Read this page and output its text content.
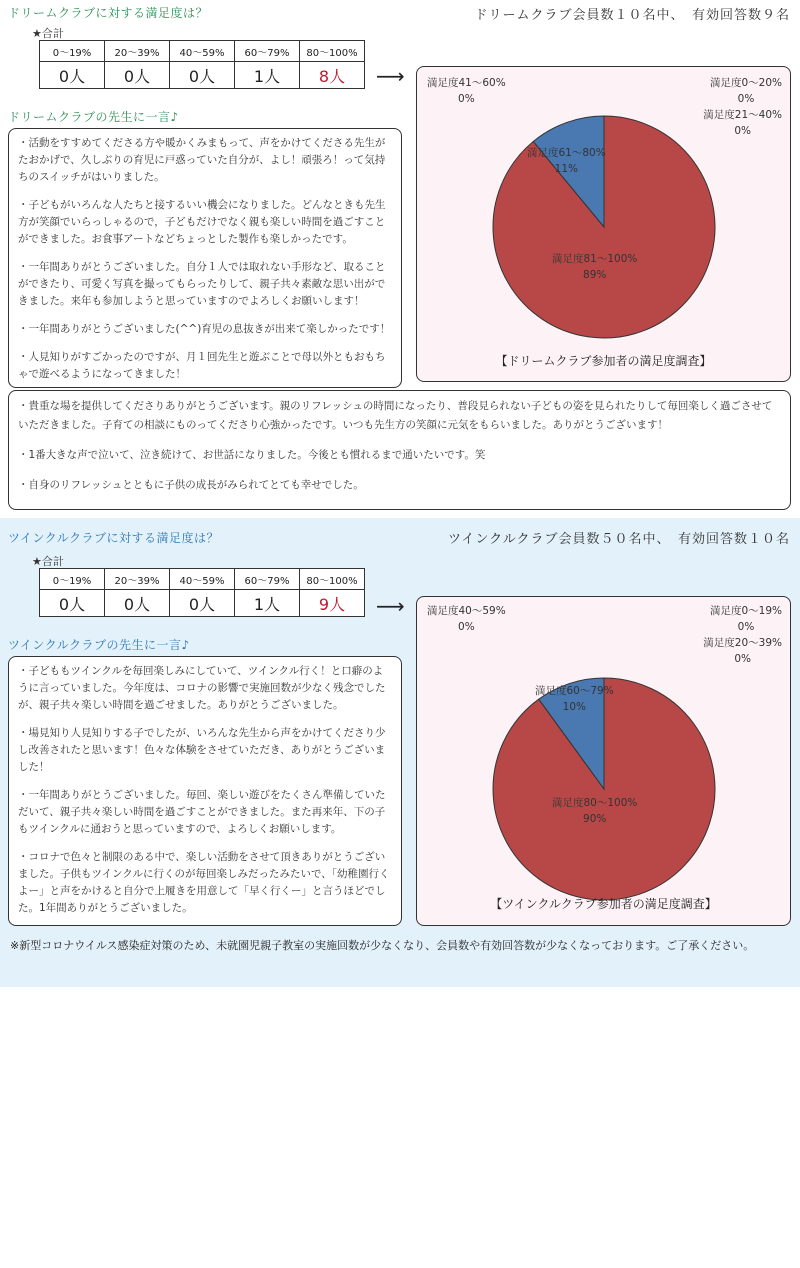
ドリームクラブに対する満足度は？	ドリームクラブ会員数１０名中、　有効回答数９名
★合計
0～19%	20～39%	40～59%	60～79%	80～100%
0人	0人	0人	1人	8人 ⟶
ドリームクラブの先生に一言♪

・活動をすすめてくださる方や暖かくみまもって、声をかけてくださる先生がたおかげで、久しぶりの育児に戸惑っていた自分が、よし！頑張ろ！って気持ちのスイッチがはいりました。

・子どもがいろんな人たちと接するいい機会になりました。どんなときも先生方が笑顔でいらっしゃるので，子どもだけでなく親も楽しい時間を過ごすことができました。お食事アートなどちょっとした製作も楽しかったです。

・一年間ありがとうございました。自分１人では取れない手形など、取ることができたり、可愛く写真を撮ってもらったりして、親子共々素敵な思い出ができました。来年も参加しようと思っていますのでよろしくお願いします！

・一年間ありがとうございました(^^)育児の息抜きが出来て楽しかったです！

・人見知りがすごかったのですが、月１回先生と遊ぶことで母以外ともおもちゃで遊べるようになってきました！

満足度41～60%
0%
満足度0～20%
0%
満足度21～40%
0%
満足度61～80%
11%
満足度81～100%
89%
【ドリームクラブ参加者の満足度調査】

・貴重な場を提供してくださりありがとうございます。親のリフレッシュの時間になったり、普段見られない子どもの姿を見られたりして毎回楽しく過ごさせていただきました。子育ての相談にものってくださり心強かったです。いつも先生方の笑顔に元気をもらいました。ありがとうございます！

・1番大きな声で泣いて、泣き続けて、お世話になりました。今後とも慣れるまで通いたいです。笑

・自身のリフレッシュとともに子供の成長がみられてとても幸せでした。

ツインクルクラブに対する満足度は？	ツインクルクラブ会員数５０名中、　有効回答数１０名
★合計
0～19%	20～39%	40～59%	60～79%	80～100%
0人	0人	0人	1人	9人 ⟶
ツインクルクラブの先生に一言♪

・子どももツインクルを毎回楽しみにしていて、ツインクル行く！と口癖のように言っていました。今年度は、コロナの影響で実施回数が少なく残念でしたが、親子共々楽しい時間を過ごせました。ありがとうございました。

・場見知り人見知りする子でしたが、いろんな先生から声をかけてくださり少し改善されたと思います！色々な体験をさせていただき、ありがとうございました！

・一年間ありがとうございました。毎回、楽しい遊びをたくさん準備していただいて、親子共々楽しい時間を過ごすことができました。また再来年、下の子もツインクルに通おうと思っていますので、よろしくお願いします。

・コロナで色々と制限のある中で、楽しい活動をさせて頂きありがとうございました。子供もツインクルに行くのが毎回楽しみだったみたいで、「幼稚園行くよー」と声をかけると自分で上履きを用意して「早く行くー」と言うほどでした。1年間ありがとうございました。

満足度40～59%
0%
満足度0～19%
0%
満足度20～39%
0%
満足度60～79%
10%
満足度80～100%
90%
【ツインクルクラブ参加者の満足度調査】
※新型コロナウイルス感染症対策のため、未就園児親子教室の実施回数が少なくなり、会員数や有効回答数が少なくなっております。ご了承ください。
